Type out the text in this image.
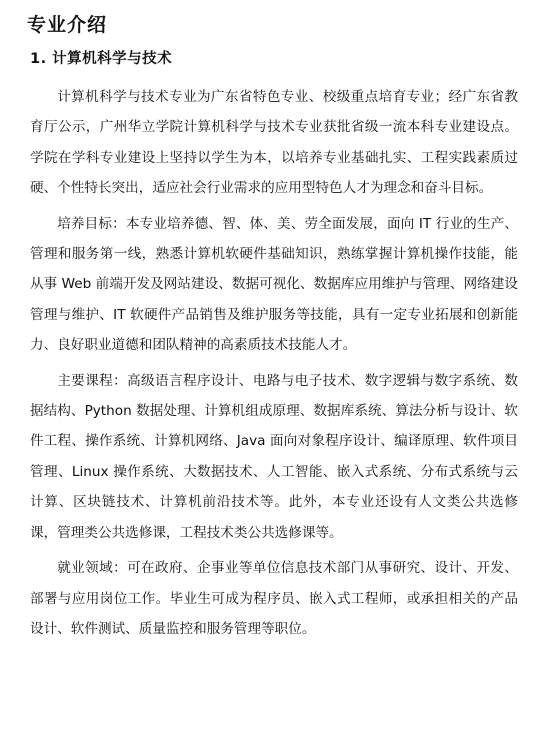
专业介绍
1. 计算机科学与技术

计算机科学与技术专业为广东省特色专业、校级重点培育专业；经广东省教育厅公示，广州华立学院计算机科学与技术专业获批省级一流本科专业建设点。学院在学科专业建设上坚持以学生为本，以培养专业基础扎实、工程实践素质过硬、个性特长突出，适应社会行业需求的应用型特色人才为理念和奋斗目标。

培养目标：本专业培养德、智、体、美、劳全面发展，面向 IT 行业的生产、管理和服务第一线，熟悉计算机软硬件基础知识，熟练掌握计算机操作技能，能从事 Web 前端开发及网站建设、数据可视化、数据库应用维护与管理、网络建设管理与维护、IT 软硬件产品销售及维护服务等技能，具有一定专业拓展和创新能力、良好职业道德和团队精神的高素质技术技能人才。

主要课程：高级语言程序设计、电路与电子技术、数字逻辑与数字系统、数据结构、Python 数据处理、计算机组成原理、数据库系统、算法分析与设计、软件工程、操作系统、计算机网络、Java 面向对象程序设计、编译原理、软件项目管理、Linux 操作系统、大数据技术、人工智能、嵌入式系统、分布式系统与云计算、区块链技术、计算机前沿技术等。此外，本专业还设有人文类公共选修课，管理类公共选修课，工程技术类公共选修课等。

就业领域：可在政府、企事业等单位信息技术部门从事研究、设计、开发、部署与应用岗位工作。毕业生可成为程序员、嵌入式工程师，或承担相关的产品设计、软件测试、质量监控和服务管理等职位。
